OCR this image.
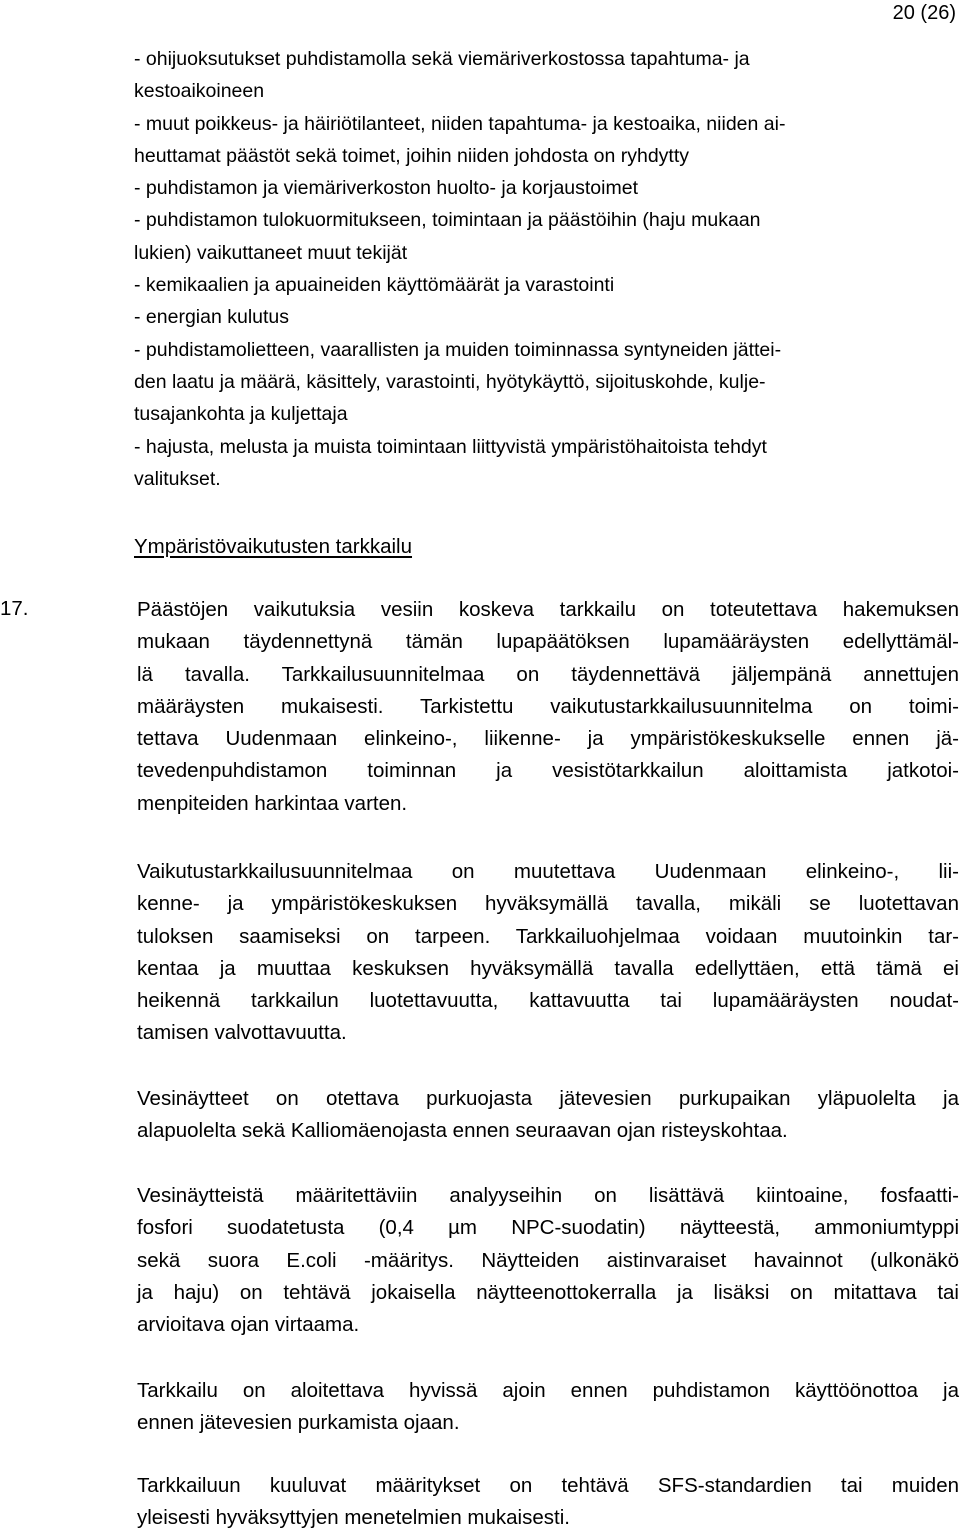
20 (26)
- ohijuoksutukset puhdistamolla sekä viemäriverkostossa tapahtuma- ja
kestoaikoineen
- muut poikkeus- ja häiriötilanteet, niiden tapahtuma- ja kestoaika, niiden ai-
heuttamat päästöt sekä toimet, joihin niiden johdosta on ryhdytty
- puhdistamon ja viemäriverkoston huolto- ja korjaustoimet
- puhdistamon tulokuormitukseen, toimintaan ja päästöihin (haju mukaan
lukien) vaikuttaneet muut tekijät
- kemikaalien ja apuaineiden käyttömäärät ja varastointi
- energian kulutus
- puhdistamolietteen, vaarallisten ja muiden toiminnassa syntyneiden jättei-
den laatu ja määrä, käsittely, varastointi, hyötykäyttö, sijoituskohde, kulje-
tusajankohta ja kuljettaja
- hajusta, melusta ja muista toimintaan liittyvistä ympäristöhaitoista tehdyt
valitukset.
Ympäristövaikutusten tarkkailu
17.	Päästöjen vaikutuksia vesiin koskeva tarkkailu on toteutettava hakemuksen
mukaan täydennettynä tämän lupapäätöksen lupamääräysten edellyttämäl-
lä tavalla. Tarkkailusuunnitelmaa on täydennettävä jäljempänä annettujen
määräysten mukaisesti. Tarkistettu vaikutustarkkailusuunnitelma on toimi-
tettava Uudenmaan elinkeino-, liikenne- ja ympäristökeskukselle ennen jä-
tevedenpuhdistamon toiminnan ja vesistötarkkailun aloittamista jatkotoi-
menpiteiden harkintaa varten.
Vaikutustarkkailusuunnitelmaa on muutettava Uudenmaan elinkeino-, lii-
kenne- ja ympäristökeskuksen hyväksymällä tavalla, mikäli se luotettavan
tuloksen saamiseksi on tarpeen. Tarkkailuohjelmaa voidaan muutoinkin tar-
kentaa ja muuttaa keskuksen hyväksymällä tavalla edellyttäen, että tämä ei
heikennä tarkkailun luotettavuutta, kattavuutta tai lupamääräysten noudat-
tamisen valvottavuutta.
Vesinäytteet on otettava purkuojasta jätevesien purkupaikan yläpuolelta ja
alapuolelta sekä Kalliomäenojasta ennen seuraavan ojan risteyskohtaa.
Vesinäytteistä määritettäviin analyyseihin on lisättävä kiintoaine, fosfaatti-
fosfori suodatetusta (0,4 µm NPC-suodatin) näytteestä, ammoniumtyppi
sekä suora E.coli -määritys. Näytteiden aistinvaraiset havainnot (ulkonäkö
ja haju) on tehtävä jokaisella näytteenottokerralla ja lisäksi on mitattava tai
arvioitava ojan virtaama.
Tarkkailu on aloitettava hyvissä ajoin ennen puhdistamon käyttöönottoa ja
ennen jätevesien purkamista ojaan.
Tarkkailuun kuuluvat määritykset on tehtävä SFS-standardien tai muiden
yleisesti hyväksyttyjen menetelmien mukaisesti.
